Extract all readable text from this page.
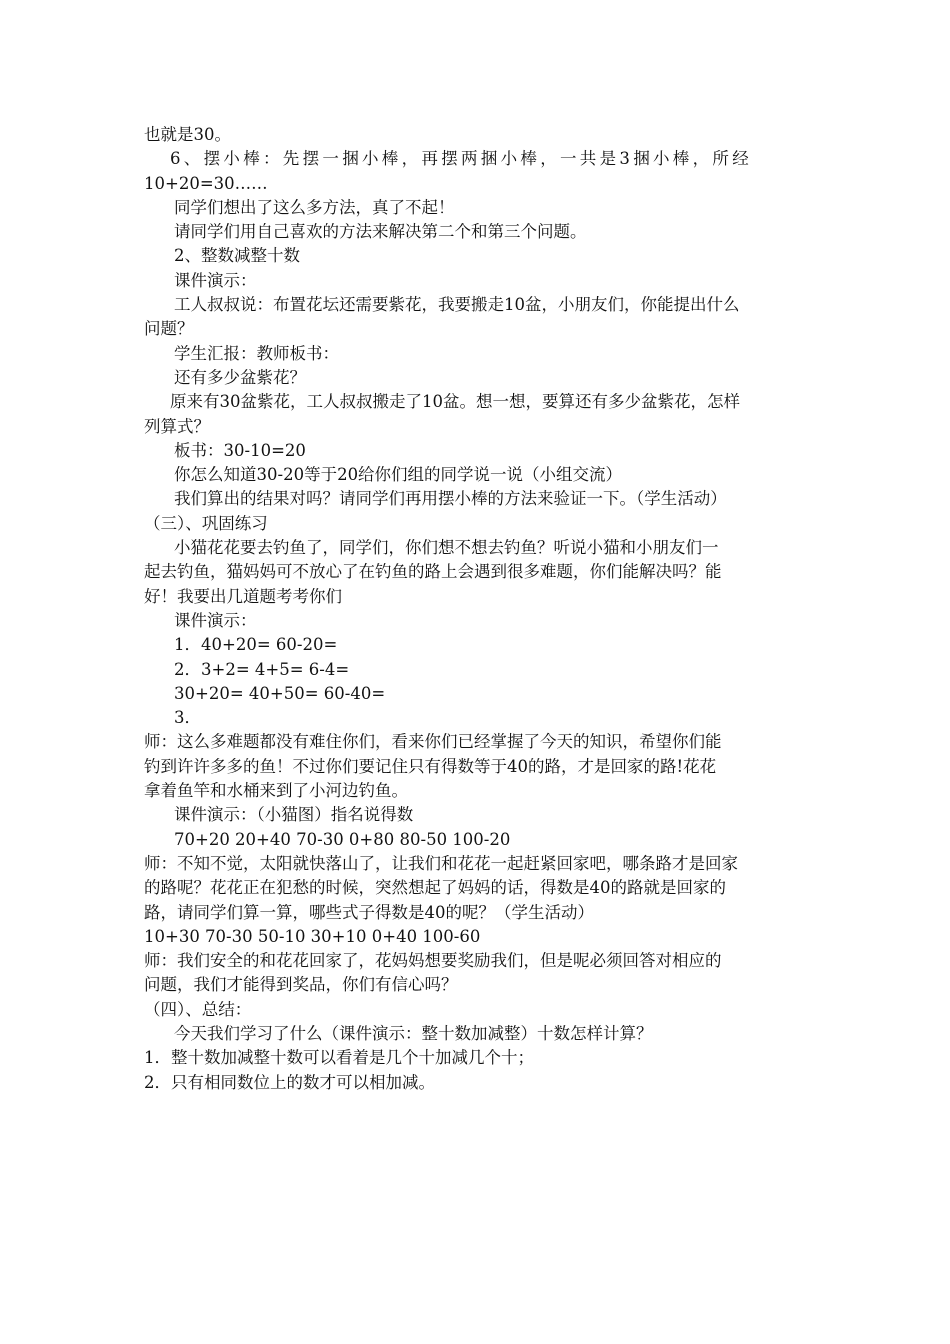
也就是30。
6、摆小棒：先摆一捆小棒，再摆两捆小棒，一共是3捆小棒，所经
10+20=30……
同学们想出了这么多方法，真了不起！
请同学们用自己喜欢的方法来解决第二个和第三个问题。
2、整数减整十数
课件演示：
工人叔叔说：布置花坛还需要紫花，我要搬走10盆，小朋友们，你能提出什么
问题？
学生汇报：教师板书：
还有多少盆紫花？
原来有30盆紫花，工人叔叔搬走了10盆。想一想，要算还有多少盆紫花，怎样
列算式？
板书：30-10=20
你怎么知道30-20等于20给你们组的同学说一说（小组交流）
我们算出的结果对吗？请同学们再用摆小棒的方法来验证一下。（学生活动）
（三）、巩固练习
小猫花花要去钓鱼了，同学们，你们想不想去钓鱼？听说小猫和小朋友们一
起去钓鱼，猫妈妈可不放心了在钓鱼的路上会遇到很多难题，你们能解决吗？能
好！我要出几道题考考你们
课件演示：
1．40+20= 60-20=
2．3+2= 4+5= 6-4=
30+20= 40+50= 60-40=
3．
师：这么多难题都没有难住你们，看来你们已经掌握了今天的知识，希望你们能
钓到许许多多的鱼！不过你们要记住只有得数等于40的路，才是回家的路!花花
拿着鱼竿和水桶来到了小河边钓鱼。
课件演示：（小猫图）指名说得数
70+20 20+40 70-30 0+80 80-50 100-20
师：不知不觉，太阳就快落山了，让我们和花花一起赶紧回家吧，哪条路才是回家
的路呢？花花正在犯愁的时候，突然想起了妈妈的话，得数是40的路就是回家的
路，请同学们算一算，哪些式子得数是40的呢？（学生活动）
10+30 70-30 50-10 30+10 0+40 100-60
师：我们安全的和花花回家了，花妈妈想要奖励我们，但是呢必须回答对相应的
问题，我们才能得到奖品，你们有信心吗？
（四）、总结：
今天我们学习了什么（课件演示：整十数加减整）十数怎样计算？
1．整十数加减整十数可以看着是几个十加减几个十；
2．只有相同数位上的数才可以相加减。
